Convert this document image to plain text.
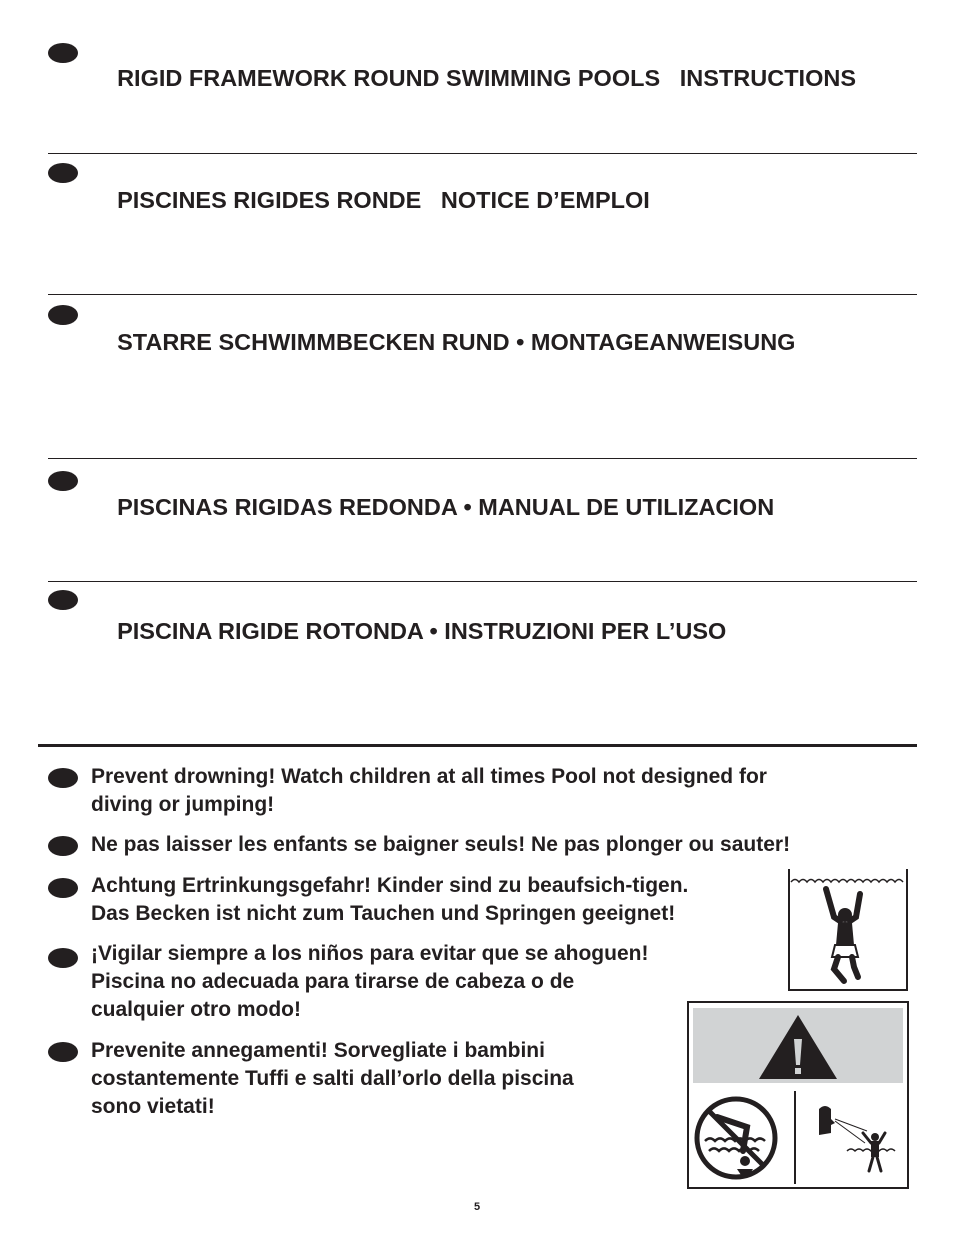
RIGID FRAMEWORK ROUND SWIMMING POOLS INSTRUCTIONS

PISCINES RIGIDES RONDE NOTICE D’EMPLOI

STARRE SCHWIMMBECKEN RUND • MONTAGEANWEISUNG

PISCINAS RIGIDAS REDONDA • MANUAL DE UTILIZACION

PISCINA RIGIDE ROTONDA • INSTRUZIONI PER L’USO

Prevent drowning! Watch children at all times Pool not designed for
diving or jumping!
Ne pas laisser les enfants se baigner seuls! Ne pas plonger ou sauter!
Achtung Ertrinkungsgefahr! Kinder sind zu beaufsich-tigen.
Das Becken ist nicht zum Tauchen und Springen geeignet!
¡Vigilar siempre a los niños para evitar que se ahoguen!
Piscina no adecuada para tirarse de cabeza o de
cualquier otro modo!
Prevenite annegamenti! Sorvegliate i bambini
costantemente Tuffi e salti dall’orlo della piscina
sono vietati!
5
